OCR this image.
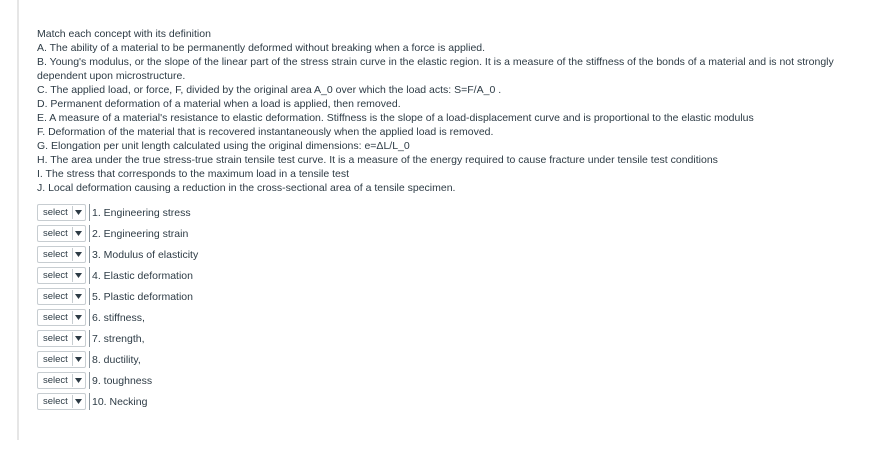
Match each concept with its definition

A. The ability of a material to be permanently deformed without breaking when a force is applied.

B. Young's modulus, or the slope of the linear part of the stress strain curve in the elastic region. It is a measure of the stiffness of the bonds of a material and is not strongly dependent upon microstructure.

C. The applied load, or force, F, divided by the original area A_0 over which the load acts: S=F/A_0 .

D. Permanent deformation of a material when a load is applied, then removed.

E. A measure of a material's resistance to elastic deformation. Stiffness is the slope of a load-displacement curve and is proportional to the elastic modulus

F. Deformation of the material that is recovered instantaneously when the applied load is removed.

G. Elongation per unit length calculated using the original dimensions: e=ΔL/L_0

H. The area under the true stress-true strain tensile test curve. It is a measure of the energy required to cause fracture under tensile test conditions

I. The stress that corresponds to the maximum load in a tensile test

J. Local deformation causing a reduction in the cross-sectional area of a tensile specimen.

select	1. Engineering stress
select	2. Engineering strain
select	3. Modulus of elasticity
select	4. Elastic deformation
select	5. Plastic deformation
select	6. stiffness,
select	7. strength,
select	8. ductility,
select	9. toughness
select	10. Necking
